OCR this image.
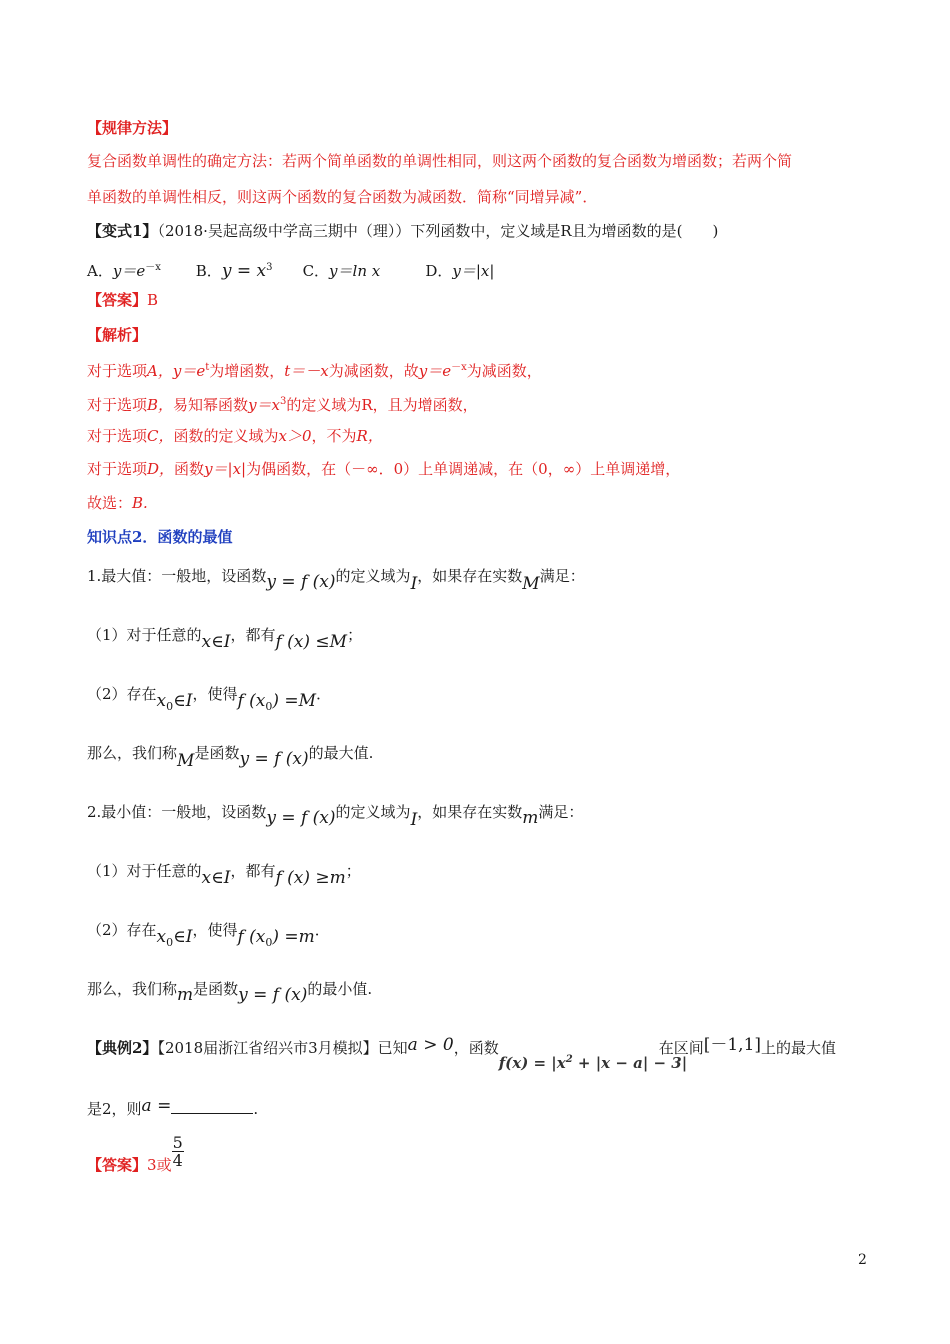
【规律方法】
复合函数单调性的确定方法：若两个简单函数的单调性相同，则这两个函数的复合函数为增函数；若两个简
单函数的单调性相反，则这两个函数的复合函数为减函数．简称“同增异减”．
【变式1】（2018·吴起高级中学高三期中（理））下列函数中，定义域是R且为增函数的是(　　)
A．$y=e^{-x}$ B．$y = x^3$ C．y＝ln x	D．y＝|x|
【答案】B
【解析】
对于选项A，$y=e^t$为增函数，t＝－x为减函数，故$y=e^{-x}$为减函数，
对于选项B，易知幂函数$y=x^3$的定义域为R，且为增函数，
对于选项C，函数的定义域为x＞0，不为R，
对于选项D，函数y＝|x|为偶函数，在（－∞．0）上单调递减，在（0，∞）上单调递增，
故选：B.
知识点2．函数的最值
1.最大值：一般地，设函数y = f (x)的定义域为I，如果存在实数M满足：
（1）对于任意的x∈I，都有f (x) ≤M；
（2）存在$x_0\in I$，使得f $(x_0) =M$．
那么，我们称M是函数y = f (x)的最大值.
2.最小值：一般地，设函数y = f (x)的定义域为I，如果存在实数m满足：
（1）对于任意的x∈I，都有f (x) ≥m；
（2）存在$x_0\in I$，使得f $(x_0) =m$．
那么，我们称m是函数y = f (x)的最小值.
【典例2】【2018届浙江省绍兴市3月模拟】已知a > 0，函数
$f(x) = |x^2 + |x - a| - 3|$
在区间[－1,1]上的最大值
是2，则a =	.
【答案】3或 $\frac{5}{4}$
2
